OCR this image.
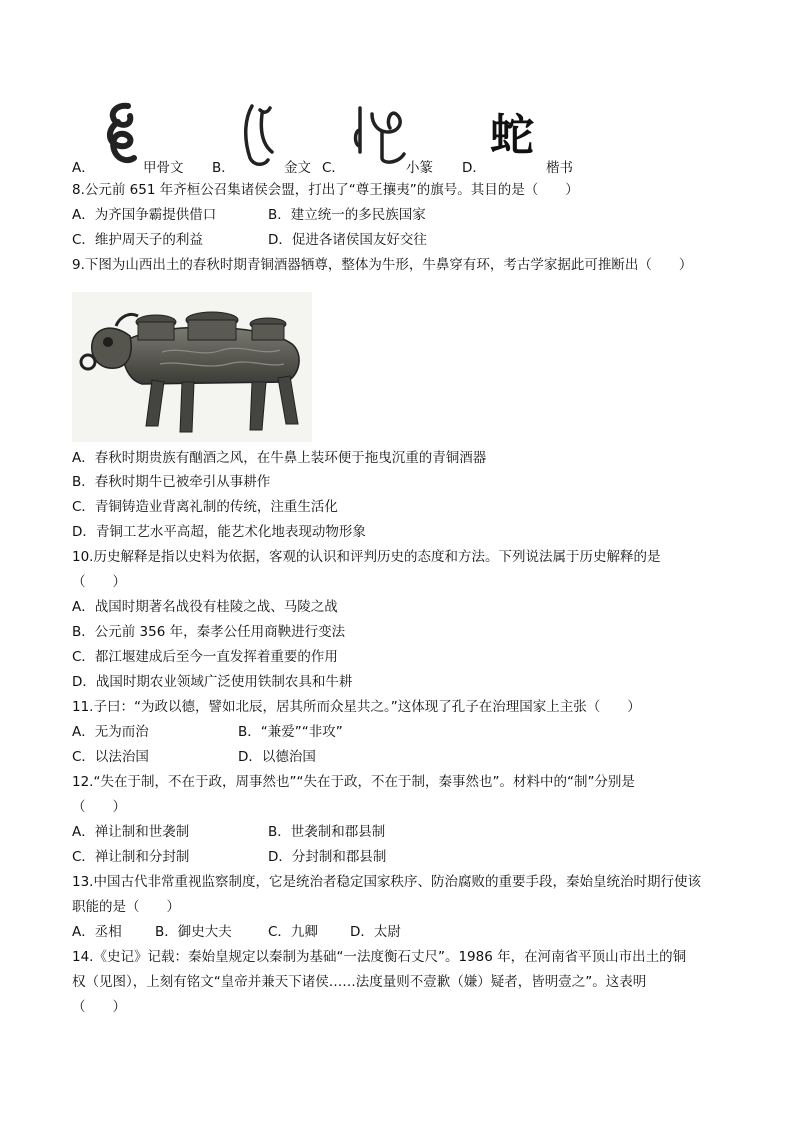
蛇
A．	甲骨文 B．	金文 C．	小篆 D．	楷书
8.公元前 651 年齐桓公召集诸侯会盟，打出了“尊王攘夷”的旗号。其目的是（　　）
A．为齐国争霸提供借口	B．建立统一的多民族国家
C．维护周天子的利益	D．促进各诸侯国友好交往
9.下图为山西出土的春秋时期青铜酒器牺尊，整体为牛形，牛鼻穿有环，考古学家据此可推断出（　　）
A．春秋时期贵族有酗酒之风，在牛鼻上装环便于拖曳沉重的青铜酒器
B．春秋时期牛已被牵引从事耕作
C．青铜铸造业背离礼制的传统，注重生活化
D．青铜工艺水平高超，能艺术化地表现动物形象
10.历史解释是指以史料为依据，客观的认识和评判历史的态度和方法。下列说法属于历史解释的是
（　　）
A．战国时期著名战役有桂陵之战、马陵之战
B．公元前 356 年，秦孝公任用商鞅进行变法
C．都江堰建成后至今一直发挥着重要的作用
D．战国时期农业领域广泛使用铁制农具和牛耕
11.子曰：“为政以德，譬如北辰，居其所而众星共之。”这体现了孔子在治理国家上主张（　　）
A．无为而治	B．“兼爱”“非攻”
C．以法治国	D．以德治国
12.“失在于制，不在于政，周事然也”“失在于政，不在于制，秦事然也”。材料中的“制”分别是
（　　）
A．禅让制和世袭制	B．世袭制和郡县制
C．禅让制和分封制	D．分封制和郡县制
13.中国古代非常重视监察制度，它是统治者稳定国家秩序、防治腐败的重要手段，秦始皇统治时期行使该
职能的是（　　）
A．丞相 B．御史大夫	C．九卿 D．太尉
14.《史记》记载：秦始皇规定以秦制为基础“一法度衡石丈尺”。1986 年，在河南省平顶山市出土的铜
权（见图），上刻有铭文“皇帝并兼天下诸侯……法度量则不壹歉（嫌）疑者，皆明壹之”。这表明
（　　）
